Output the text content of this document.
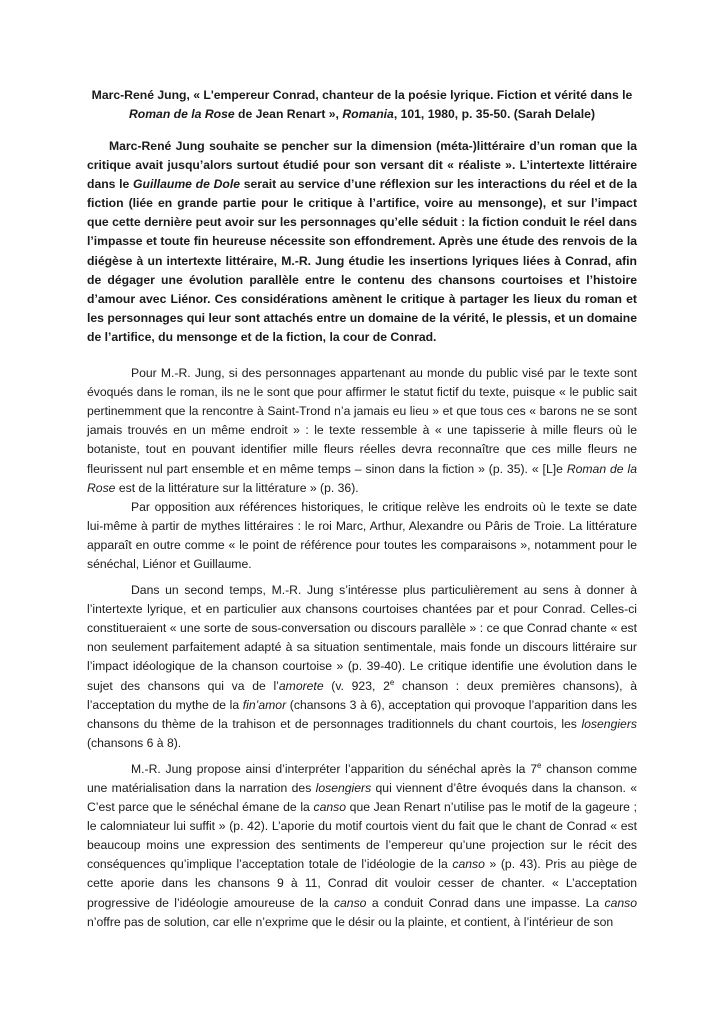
Marc-René Jung, « L'empereur Conrad, chanteur de la poésie lyrique. Fiction et vérité dans le
Roman de la Rose de Jean Renart », Romania, 101, 1980, p. 35-50. (Sarah Delale)

Marc-René Jung souhaite se pencher sur la dimension (méta-)littéraire d’un roman que la critique avait jusqu’alors surtout étudié pour son versant dit « réaliste ». L’intertexte littéraire dans le Guillaume de Dole serait au service d’une réflexion sur les interactions du réel et de la fiction (liée en grande partie pour le critique à l’artifice, voire au mensonge), et sur l’impact que cette dernière peut avoir sur les personnages qu’elle séduit : la fiction conduit le réel dans l’impasse et toute fin heureuse nécessite son effondrement. Après une étude des renvois de la diégèse à un intertexte littéraire, M.-R. Jung étudie les insertions lyriques liées à Conrad, afin de dégager une évolution parallèle entre le contenu des chansons courtoises et l’histoire d’amour avec Liénor. Ces considérations amènent le critique à partager les lieux du roman et les personnages qui leur sont attachés entre un domaine de la vérité, le plessis, et un domaine de l’artifice, du mensonge et de la fiction, la cour de Conrad.

Pour M.-R. Jung, si des personnages appartenant au monde du public visé par le texte sont évoqués dans le roman, ils ne le sont que pour affirmer le statut fictif du texte, puisque « le public sait pertinemment que la rencontre à Saint-Trond n’a jamais eu lieu » et que tous ces « barons ne se sont jamais trouvés en un même endroit » : le texte ressemble à « une tapisserie à mille fleurs où le botaniste, tout en pouvant identifier mille fleurs réelles devra reconnaître que ces mille fleurs ne fleurissent nul part ensemble et en même temps – sinon dans la fiction » (p. 35). « [L]e Roman de la Rose est de la littérature sur la littérature » (p. 36).

Par opposition aux références historiques, le critique relève les endroits où le texte se date lui-même à partir de mythes littéraires : le roi Marc, Arthur, Alexandre ou Pâris de Troie. La littérature apparaît en outre comme « le point de référence pour toutes les comparaisons », notamment pour le sénéchal, Liénor et Guillaume.

Dans un second temps, M.-R. Jung s’intéresse plus particulièrement au sens à donner à l’intertexte lyrique, et en particulier aux chansons courtoises chantées par et pour Conrad. Celles-ci constitueraient « une sorte de sous-conversation ou discours parallèle » : ce que Conrad chante « est non seulement parfaitement adapté à sa situation sentimentale, mais fonde un discours littéraire sur l’impact idéologique de la chanson courtoise » (p. 39-40). Le critique identifie une évolution dans le sujet des chansons qui va de l’amorete (v. 923, 2e chanson : deux premières chansons), à l’acceptation du mythe de la fin’amor (chansons 3 à 6), acceptation qui provoque l’apparition dans les chansons du thème de la trahison et de personnages traditionnels du chant courtois, les losengiers (chansons 6 à 8).

M.-R. Jung propose ainsi d’interpréter l’apparition du sénéchal après la 7e chanson comme une matérialisation dans la narration des losengiers qui viennent d’être évoqués dans la chanson. « C’est parce que le sénéchal émane de la canso que Jean Renart n’utilise pas le motif de la gageure ; le calomniateur lui suffit » (p. 42). L’aporie du motif courtois vient du fait que le chant de Conrad « est beaucoup moins une expression des sentiments de l’empereur qu’une projection sur le récit des conséquences qu’implique l’acceptation totale de l’idéologie de la canso » (p. 43). Pris au piège de cette aporie dans les chansons 9 à 11, Conrad dit vouloir cesser de chanter. « L’acceptation progressive de l’idéologie amoureuse de la canso a conduit Conrad dans une impasse. La canso n’offre pas de solution, car elle n’exprime que le désir ou la plainte, et contient, à l’intérieur de son
